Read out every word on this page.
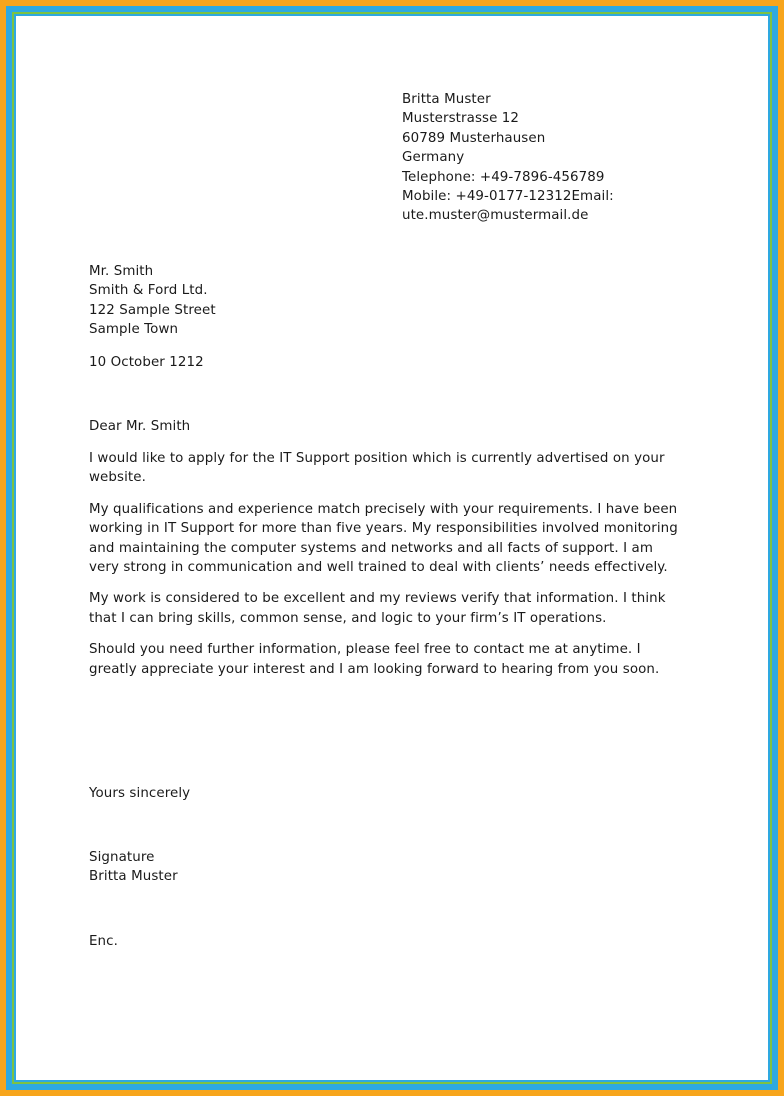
Britta Muster
Musterstrasse 12
60789 Musterhausen
Germany
Telephone: +49-7896-456789
Mobile: +49-0177-12312Email:
ute.muster@mustermail.de
Mr. Smith
Smith & Ford Ltd.
122 Sample Street
Sample Town
10 October 1212
Dear Mr. Smith

I would like to apply for the IT Support position which is currently advertised on your website.

My qualifications and experience match precisely with your requirements. I have been working in IT Support for more than five years. My responsibilities involved monitoring and maintaining the computer systems and networks and all facts of support. I am very strong in communication and well trained to deal with clients’ needs effectively.

My work is considered to be excellent and my reviews verify that information. I think that I can bring skills, common sense, and logic to your firm’s IT operations.

Should you need further information, please feel free to contact me at anytime. I greatly appreciate your interest and I am looking forward to hearing from you soon.

Yours sincerely
Signature
Britta Muster
Enc.
